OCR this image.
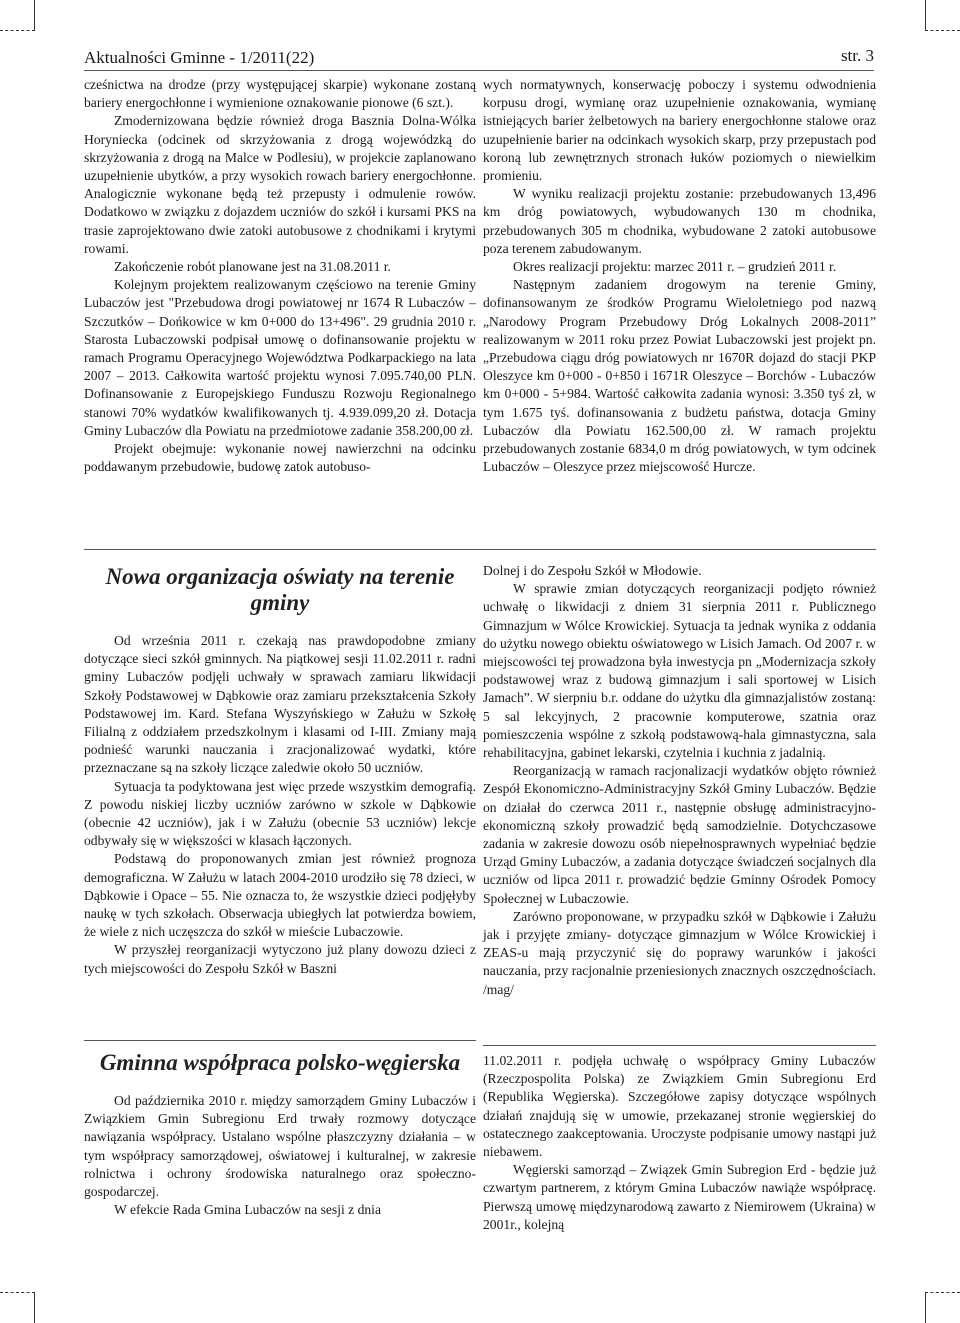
Aktualności Gminne - 1/2011(22)	str. 3

cześnictwa na drodze (przy występującej skarpie) wykonane zostaną bariery energochłonne i wymienione oznakowanie pionowe (6 szt.).

Zmodernizowana będzie również droga Basznia Dolna-Wólka Horyniecka (odcinek od skrzyżowania z drogą wojewódzką do skrzyżowania z drogą na Malce w Podlesiu), w projekcie zaplanowano uzupełnienie ubytków, a przy wysokich rowach bariery energochłonne. Analogicznie wykonane będą też przepusty i odmulenie rowów. Dodatkowo w związku z dojazdem uczniów do szkół i kursami PKS na trasie zaprojektowano dwie zatoki autobusowe z chodnikami i krytymi rowami.

Zakończenie robót planowane jest na 31.08.2011 r.

Kolejnym projektem realizowanym częściowo na terenie Gminy Lubaczów jest "Przebudowa drogi powiatowej nr 1674 R Lubaczów – Szczutków – Dońkowice w km 0+000 do 13+496". 29 grudnia 2010 r. Starosta Lubaczowski podpisał umowę o dofinansowanie projektu w ramach Programu Operacyjnego Województwa Podkarpackiego na lata 2007 – 2013. Całkowita wartość projektu wynosi 7.095.740,00 PLN. Dofinansowanie z Europejskiego Funduszu Rozwoju Regionalnego stanowi 70% wydatków kwalifikowanych tj. 4.939.099,20 zł. Dotacja Gminy Lubaczów dla Powiatu na przedmiotowe zadanie 358.200,00 zł.

Projekt obejmuje: wykonanie nowej nawierzchni na odcinku poddawanym przebudowie, budowę zatok autobuso-

wych normatywnych, konserwację poboczy i systemu odwodnienia korpusu drogi, wymianę oraz uzupełnienie oznakowania, wymianę istniejących barier żelbetowych na bariery energochłonne stalowe oraz uzupełnienie barier na odcinkach wysokich skarp, przy przepustach pod koroną lub zewnętrznych stronach łuków poziomych o niewielkim promieniu.

W wyniku realizacji projektu zostanie: przebudowanych 13,496 km dróg powiatowych, wybudowanych 130 m chodnika, przebudowanych 305 m chodnika, wybudowane 2 zatoki autobusowe poza terenem zabudowanym.

Okres realizacji projektu: marzec 2011 r. – grudzień 2011 r.

Następnym zadaniem drogowym na terenie Gminy, dofinansowanym ze środków Programu Wieloletniego pod nazwą „Narodowy Program Przebudowy Dróg Lokalnych 2008-2011” realizowanym w 2011 roku przez Powiat Lubaczowski jest projekt pn. „Przebudowa ciągu dróg powiatowych nr 1670R dojazd do stacji PKP Oleszyce km 0+000 - 0+850 i 1671R Oleszyce – Borchów - Lubaczów km 0+000 - 5+984. Wartość całkowita zadania wynosi: 3.350 tyś zł, w tym 1.675 tyś. dofinansowania z budżetu państwa, dotacja Gminy Lubaczów dla Powiatu 162.500,00 zł. W ramach projektu przebudowanych zostanie 6834,0 m dróg powiatowych, w tym odcinek Lubaczów – Oleszyce przez miejscowość Hurcze.

Nowa organizacja oświaty na terenie gminy

Od września 2011 r. czekają nas prawdopodobne zmiany dotyczące sieci szkół gminnych. Na piątkowej sesji 11.02.2011 r. radni gminy Lubaczów podjęli uchwały w sprawach zamiaru likwidacji Szkoły Podstawowej w Dąbkowie oraz zamiaru przekształcenia Szkoły Podstawowej im. Kard. Stefana Wyszyńskiego w Załużu w Szkołę Filialną z oddziałem przedszkolnym i klasami od I-III. Zmiany mają podnieść warunki nauczania i zracjonalizować wydatki, które przeznaczane są na szkoły liczące zaledwie około 50 uczniów.

Sytuacja ta podyktowana jest więc przede wszystkim demografią. Z powodu niskiej liczby uczniów zarówno w szkole w Dąbkowie (obecnie 42 uczniów), jak i w Załużu (obecnie 53 uczniów) lekcje odbywały się w większości w klasach łączonych.

Podstawą do proponowanych zmian jest również prognoza demograficzna. W Załużu w latach 2004-2010 urodziło się 78 dzieci, w Dąbkowie i Opace – 55. Nie oznacza to, że wszystkie dzieci podjęłyby naukę w tych szkołach. Obserwacja ubiegłych lat potwierdza bowiem, że wiele z nich uczęszcza do szkół w mieście Lubaczowie.

W przyszłej reorganizacji wytyczono już plany dowozu dzieci z tych miejscowości do Zespołu Szkół w Baszni

Dolnej i do Zespołu Szkół w Młodowie.

W sprawie zmian dotyczących reorganizacji podjęto również uchwałę o likwidacji z dniem 31 sierpnia 2011 r. Publicznego Gimnazjum w Wólce Krowickiej. Sytuacja ta jednak wynika z oddania do użytku nowego obiektu oświatowego w Lisich Jamach. Od 2007 r. w miejscowości tej prowadzona była inwestycja pn „Modernizacja szkoły podstawowej wraz z budową gimnazjum i sali sportowej w Lisich Jamach”. W sierpniu b.r. oddane do użytku dla gimnazjalistów zostaną: 5 sal lekcyjnych, 2 pracownie komputerowe, szatnia oraz pomieszczenia wspólne z szkołą podstawową-hala gimnastyczna, sala rehabilitacyjna, gabinet lekarski, czytelnia i kuchnia z jadalnią.

Reorganizacją w ramach racjonalizacji wydatków objęto również Zespół Ekonomiczno-Administracyjny Szkół Gminy Lubaczów. Będzie on działał do czerwca 2011 r., następnie obsługę administracyjno-ekonomiczną szkoły prowadzić będą samodzielnie. Dotychczasowe zadania w zakresie dowozu osób niepełnosprawnych wypełniać będzie Urząd Gminy Lubaczów, a zadania dotyczące świadczeń socjalnych dla uczniów od lipca 2011 r. prowadzić będzie Gminny Ośrodek Pomocy Społecznej w Lubaczowie.

Zarówno proponowane, w przypadku szkół w Dąbkowie i Załużu jak i przyjęte zmiany- dotyczące gimnazjum w Wólce Krowickiej i ZEAS-u mają przyczynić się do poprawy warunków i jakości nauczania, przy racjonalnie przeniesionych znacznych oszczędnościach. /mag/

Gminna współpraca polsko-węgierska

Od października 2010 r. między samorządem Gminy Lubaczów i Związkiem Gmin Subregionu Erd trwały rozmowy dotyczące nawiązania współpracy. Ustalano wspólne płaszczyzny działania – w tym współpracy samorządowej, oświatowej i kulturalnej, w zakresie rolnictwa i ochrony środowiska naturalnego oraz społeczno-gospodarczej.

W efekcie Rada Gmina Lubaczów na sesji z dnia

11.02.2011 r. podjęła uchwałę o współpracy Gminy Lubaczów (Rzeczpospolita Polska) ze Związkiem Gmin Subregionu Erd (Republika Węgierska). Szczegółowe zapisy dotyczące wspólnych działań znajdują się w umowie, przekazanej stronie węgierskiej do ostatecznego zaakceptowania. Uroczyste podpisanie umowy nastąpi już niebawem.

Węgierski samorząd – Związek Gmin Subregion Erd - będzie już czwartym partnerem, z którym Gmina Lubaczów nawiąże współpracę. Pierwszą umowę międzynarodową zawarto z Niemirowem (Ukraina) w 2001r., kolejną
